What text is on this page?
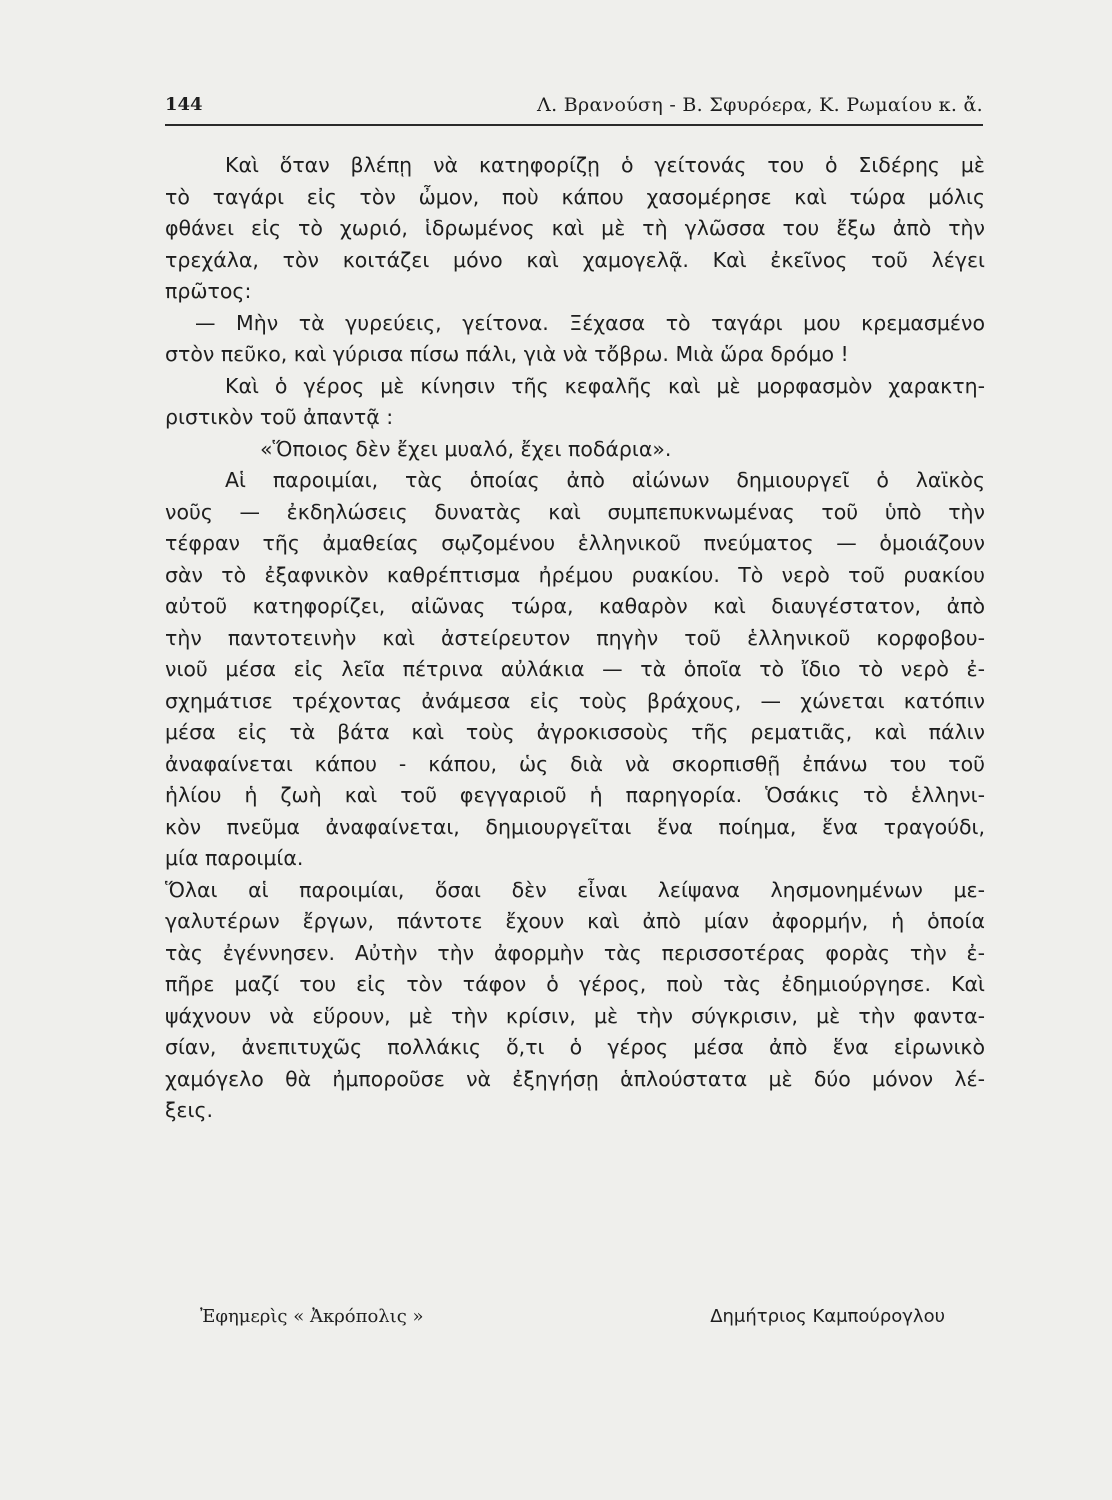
144	Λ. Βρανούση - Β. Σφυρόερα, Κ. Ρωμαίου κ. ἄ.

Καὶ ὅταν βλέπῃ νὰ κατηφορίζῃ ὁ γείτονάς του ὁ Σιδέρης μὲ
τὸ ταγάρι εἰς τὸν ὦμον, ποὺ κάπου χασομέρησε καὶ τώρα μόλις
φθάνει εἰς τὸ χωριό, ἱδρωμένος καὶ μὲ τὴ γλῶσσα του ἔξω ἀπὸ τὴν
τρεχάλα, τὸν κοιτάζει μόνο καὶ χαμογελᾷ. Καὶ ἐκεῖνος τοῦ λέγει
πρῶτος:

— Μὴν τὰ γυρεύεις, γείτονα. Ξέχασα τὸ ταγάρι μου κρεμασμένο
στὸν πεῦκο, καὶ γύρισα πίσω πάλι, γιὰ νὰ τὄβρω. Μιὰ ὥρα δρόμο !

Καὶ ὁ γέρος μὲ κίνησιν τῆς κεφαλῆς καὶ μὲ μορφασμὸν χαρακτη-
ριστικὸν τοῦ ἀπαντᾷ :

«Ὅποιος δὲν ἔχει μυαλό, ἔχει ποδάρια».

Αἱ παροιμίαι, τὰς ὁποίας ἀπὸ αἰώνων δημιουργεῖ ὁ λαϊκὸς
νοῦς — ἐκδηλώσεις δυνατὰς καὶ συμπεπυκνωμένας τοῦ ὑπὸ τὴν
τέφραν τῆς ἀμαθείας σῳζομένου ἑλληνικοῦ πνεύματος — ὁμοιάζουν
σὰν τὸ ἐξαφνικὸν καθρέπτισμα ἠρέμου ρυακίου. Τὸ νερὸ τοῦ ρυακίου
αὐτοῦ κατηφορίζει, αἰῶνας τώρα, καθαρὸν καὶ διαυγέστατον, ἀπὸ
τὴν παντοτεινὴν καὶ ἀστείρευτον πηγὴν τοῦ ἑλληνικοῦ κορφοβου-
νιοῦ μέσα εἰς λεῖα πέτρινα αὐλάκια — τὰ ὁποῖα τὸ ἴδιο τὸ νερὸ ἐ-
σχημάτισε τρέχοντας ἀνάμεσα εἰς τοὺς βράχους, — χώνεται κατόπιν
μέσα εἰς τὰ βάτα καὶ τοὺς ἀγροκισσοὺς τῆς ρεματιᾶς, καὶ πάλιν
ἀναφαίνεται κάπου - κάπου, ὡς διὰ νὰ σκορπισθῇ ἐπάνω του τοῦ
ἡλίου ἡ ζωὴ καὶ τοῦ φεγγαριοῦ ἡ παρηγορία. Ὁσάκις τὸ ἑλληνι-
κὸν πνεῦμα ἀναφαίνεται, δημιουργεῖται ἕνα ποίημα, ἕνα τραγούδι,
μία παροιμία.

Ὅλαι αἱ παροιμίαι, ὅσαι δὲν εἶναι λείψανα λησμονημένων με-
γαλυτέρων ἔργων, πάντοτε ἔχουν καὶ ἀπὸ μίαν ἀφορμήν, ἡ ὁποία
τὰς ἐγέννησεν. Αὐτὴν τὴν ἀφορμὴν τὰς περισσοτέρας φορὰς τὴν ἐ-
πῆρε μαζί του εἰς τὸν τάφον ὁ γέρος, ποὺ τὰς ἐδημιούργησε. Καὶ
ψάχνουν νὰ εὕρουν, μὲ τὴν κρίσιν, μὲ τὴν σύγκρισιν, μὲ τὴν φαντα-
σίαν, ἀνεπιτυχῶς πολλάκις ὅ,τι ὁ γέρος μέσα ἀπὸ ἕνα εἰρωνικὸ
χαμόγελο θὰ ἠμποροῦσε νὰ ἐξηγήσῃ ἁπλούστατα μὲ δύο μόνον λέ-
ξεις.

Ἐφημερὶς « Ἀκρόπολις »	Δημήτριος Καμπούρογλου
